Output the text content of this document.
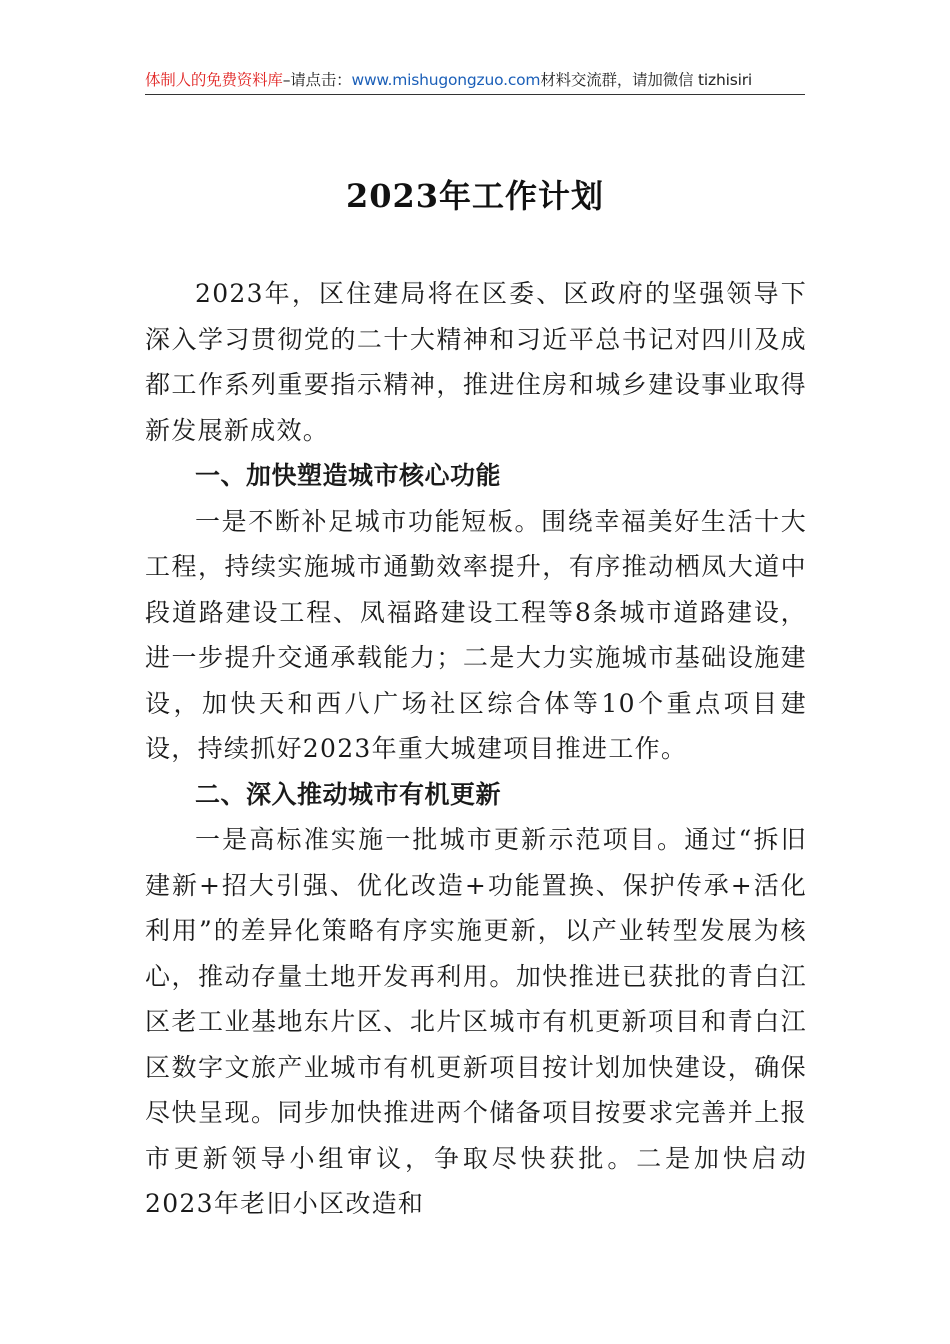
体制人的免费资料库–请点击：www.mishugongzuo.com材料交流群，请加微信 tizhisiri
2023年工作计划

2023年，区住建局将在区委、区政府的坚强领导下深入学习贯彻党的二十大精神和习近平总书记对四川及成都工作系列重要指示精神，推进住房和城乡建设事业取得新发展新成效。

一、加快塑造城市核心功能

一是不断补足城市功能短板。围绕幸福美好生活十大工程，持续实施城市通勤效率提升，有序推动栖凤大道中段道路建设工程、凤福路建设工程等8条城市道路建设，进一步提升交通承载能力；二是大力实施城市基础设施建设，加快天和西八广场社区综合体等10个重点项目建设，持续抓好2023年重大城建项目推进工作。

二、深入推动城市有机更新

一是高标准实施一批城市更新示范项目。通过“拆旧建新+招大引强、优化改造+功能置换、保护传承+活化利用”的差异化策略有序实施更新，以产业转型发展为核心，推动存量土地开发再利用。加快推进已获批的青白江区老工业基地东片区、北片区城市有机更新项目和青白江区数字文旅产业城市有机更新项目按计划加快建设，确保尽快呈现。同步加快推进两个储备项目按要求完善并上报市更新领导小组审议，争取尽快获批。二是加快启动2023年老旧小区改造和
